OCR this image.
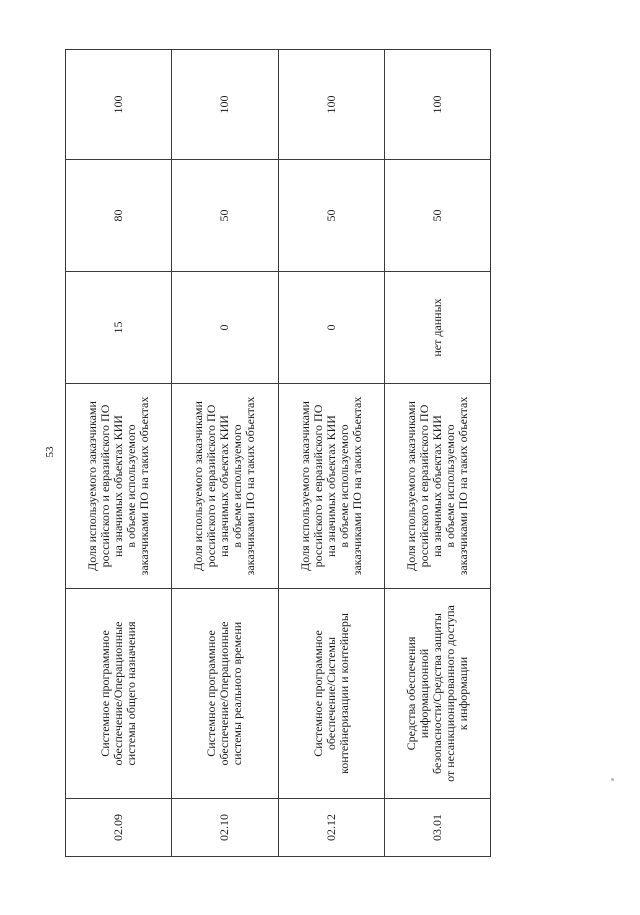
53
02.09	Системное программное
обеспечение/Операционные
системы общего назначения	Доля используемого заказчиками
российского и евразийского ПО
на значимых объектах КИИ
в объеме используемого
заказчиками ПО на таких объектах	15	80	100
02.10	Системное программное
обеспечение/Операционные
системы реального времени	Доля используемого заказчиками
российского и евразийского ПО
на значимых объектах КИИ
в объеме используемого
заказчиками ПО на таких объектах	0	50	100
02.12	Системное программное
обеспечение/Системы
контейнеризации и контейнеры	Доля используемого заказчиками
российского и евразийского ПО
на значимых объектах КИИ
в объеме используемого
заказчиками ПО на таких объектах	0	50	100
03.01	Средства обеспечения
информационной
безопасности/Средства защиты
от несанкционированного доступа
к информации	Доля используемого заказчиками
российского и евразийского ПО
на значимых объектах КИИ
в объеме используемого
заказчиками ПО на таких объектах	нет данных	50	100
